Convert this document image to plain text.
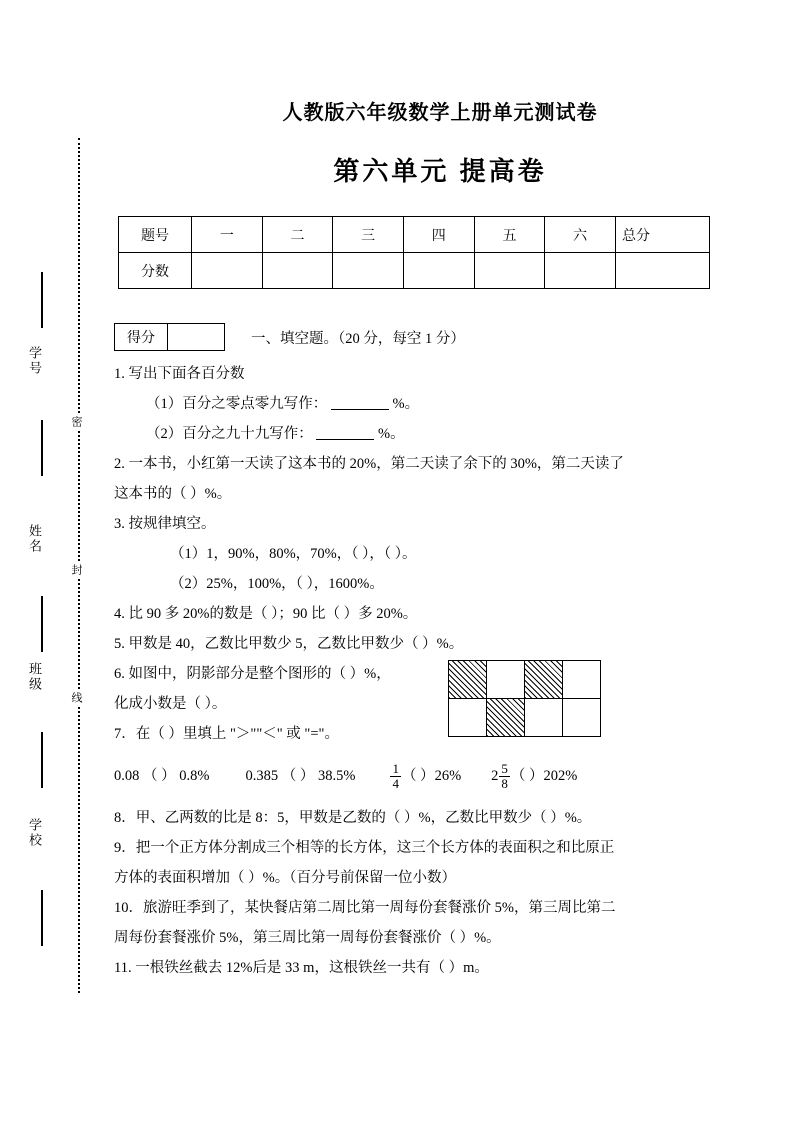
密
封
线
学号
姓名
班级
学校
人教版六年级数学上册单元测试卷
第六单元 提高卷
题号	一	二	三	四	五	六	总分
分数							
得分	一、填空题。（20 分，每空 1 分）
1. 写出下面各百分数
（1）百分之零点零九写作：	%。
（2）百分之九十九写作：	%。
2. 一本书，小红第一天读了这本书的 20%，第二天读了余下的 30%，第二天读了
这本书的（ ）%。
3. 按规律填空。
（1）1，90%，80%，70%，（ ），（ ）。
（2）25%，100%，（ ），1600%。
4. 比 90 多 20%的数是（ ）；90 比（ ）多 20%。
5. 甲数是 40，乙数比甲数少 5，乙数比甲数少（ ）%。
6. 如图中，阴影部分是整个图形的（ ）%，
化成小数是（ ）。
7．在（ ）里填上 "＞""＜" 或 "="。
0.08 （ ） 0.8% 0.385 （ ） 38.5%	$\frac{1}{4}$ （ ） 26% $2 \frac{5}{8}$ （ ） 202%
8．甲、乙两数的比是 8：5，甲数是乙数的（ ）%，乙数比甲数少（ ）%。
9．把一个正方体分割成三个相等的长方体，这三个长方体的表面积之和比原正
方体的表面积增加（ ）%。（百分号前保留一位小数）
10．旅游旺季到了，某快餐店第二周比第一周每份套餐涨价 5%，第三周比第二
周每份套餐涨价 5%，第三周比第一周每份套餐涨价（ ）%。
11. 一根铁丝截去 12%后是 33 m，这根铁丝一共有（ ）m。
